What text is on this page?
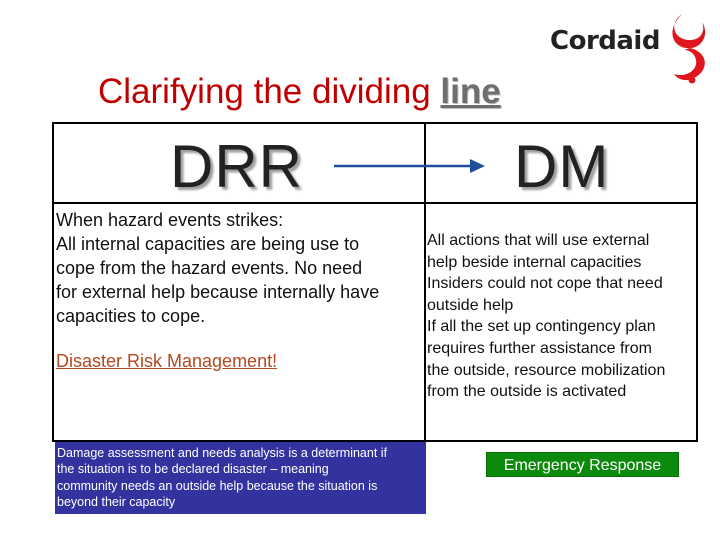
Cordaid
Clarifying the dividing line
DRR	DM
When hazard events strikes:
All internal capacities are being use to
cope from the hazard events. No need
for external help because internally have
capacities to cope.
Disaster Risk Management!
All actions that will use external
help beside internal capacities
Insiders could not cope that need
outside help
If all the set up contingency plan
requires further assistance from
the outside, resource mobilization
from the outside is activated
Damage assessment and needs analysis is a determinant if
the situation is to be declared disaster – meaning
community needs an outside help because the situation is
beyond their capacity
Emergency Response
